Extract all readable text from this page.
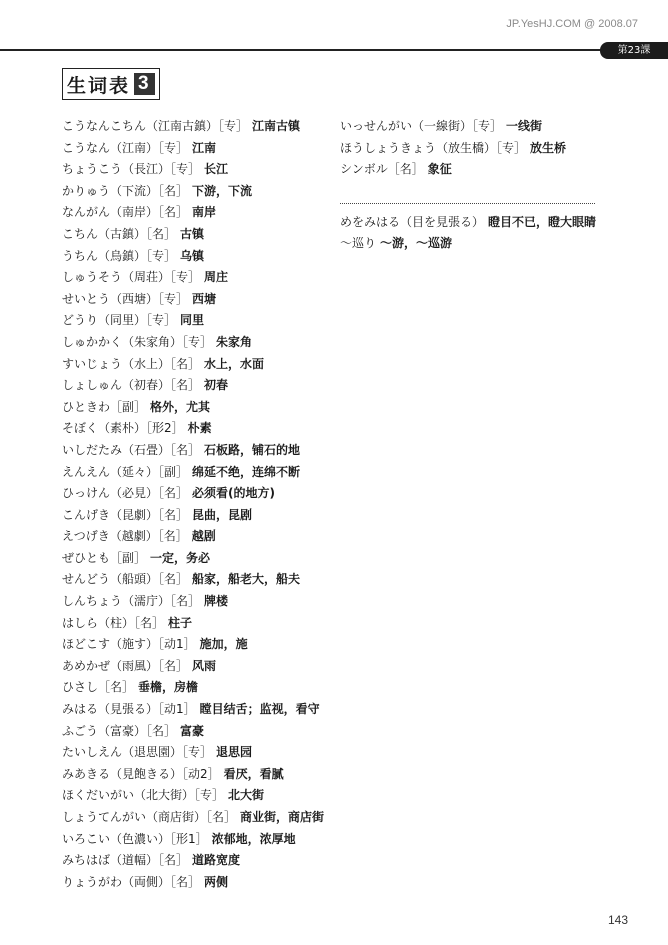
JP.YesHJ.COM @ 2008.07
第23課
生词表 3
こうなんこちん（江南古鎮）［专］ 江南古镇
こうなん（江南）［专］ 江南
ちょうこう（長江）［专］ 长江
かりゅう（下流）［名］ 下游，下流
なんがん（南岸）［名］ 南岸
こちん（古鎮）［名］ 古镇
うちん（烏鎮）［专］ 乌镇
しゅうそう（周荘）［专］ 周庄
せいとう（西塘）［专］ 西塘
どうり（同里）［专］ 同里
しゅかかく（朱家角）［专］ 朱家角
すいじょう（水上）［名］ 水上，水面
しょしゅん（初春）［名］ 初春
ひときわ［副］ 格外，尤其
そぼく（素朴）［形2］ 朴素
いしだたみ（石畳）［名］ 石板路，铺石的地
えんえん（延々）［副］ 绵延不绝，连绵不断
ひっけん（必見）［名］ 必须看(的地方)
こんげき（昆劇）［名］ 昆曲，昆剧
えつげき（越劇）［名］ 越剧
ぜひとも［副］ 一定，务必
せんどう（船頭）［名］ 船家，船老大，船夫
しんちょう（濡庁）［名］ 牌楼
はしら（柱）［名］ 柱子
ほどこす（施す）［动1］ 施加，施
あめかぜ（雨風）［名］ 风雨
ひさし［名］ 垂檐，房檐
みはる（見張る）［动1］ 瞠目结舌；监视，看守
ふごう（富豪）［名］ 富豪
たいしえん（退思園）［专］ 退思园
みあきる（見飽きる）［动2］ 看厌，看腻
ほくだいがい（北大街）［专］ 北大街
しょうてんがい（商店街）［名］ 商业街，商店街
いろこい（色濃い）［形1］ 浓郁地，浓厚地
みちはば（道幅）［名］ 道路宽度
りょうがわ（両側）［名］ 两侧
いっせんがい（一線街）［专］ 一线街
ほうしょうきょう（放生橋）［专］ 放生桥
シンボル［名］ 象征
めをみはる（目を見張る） 瞪目不已，瞪大眼睛
～巡り ～游，～巡游
143
